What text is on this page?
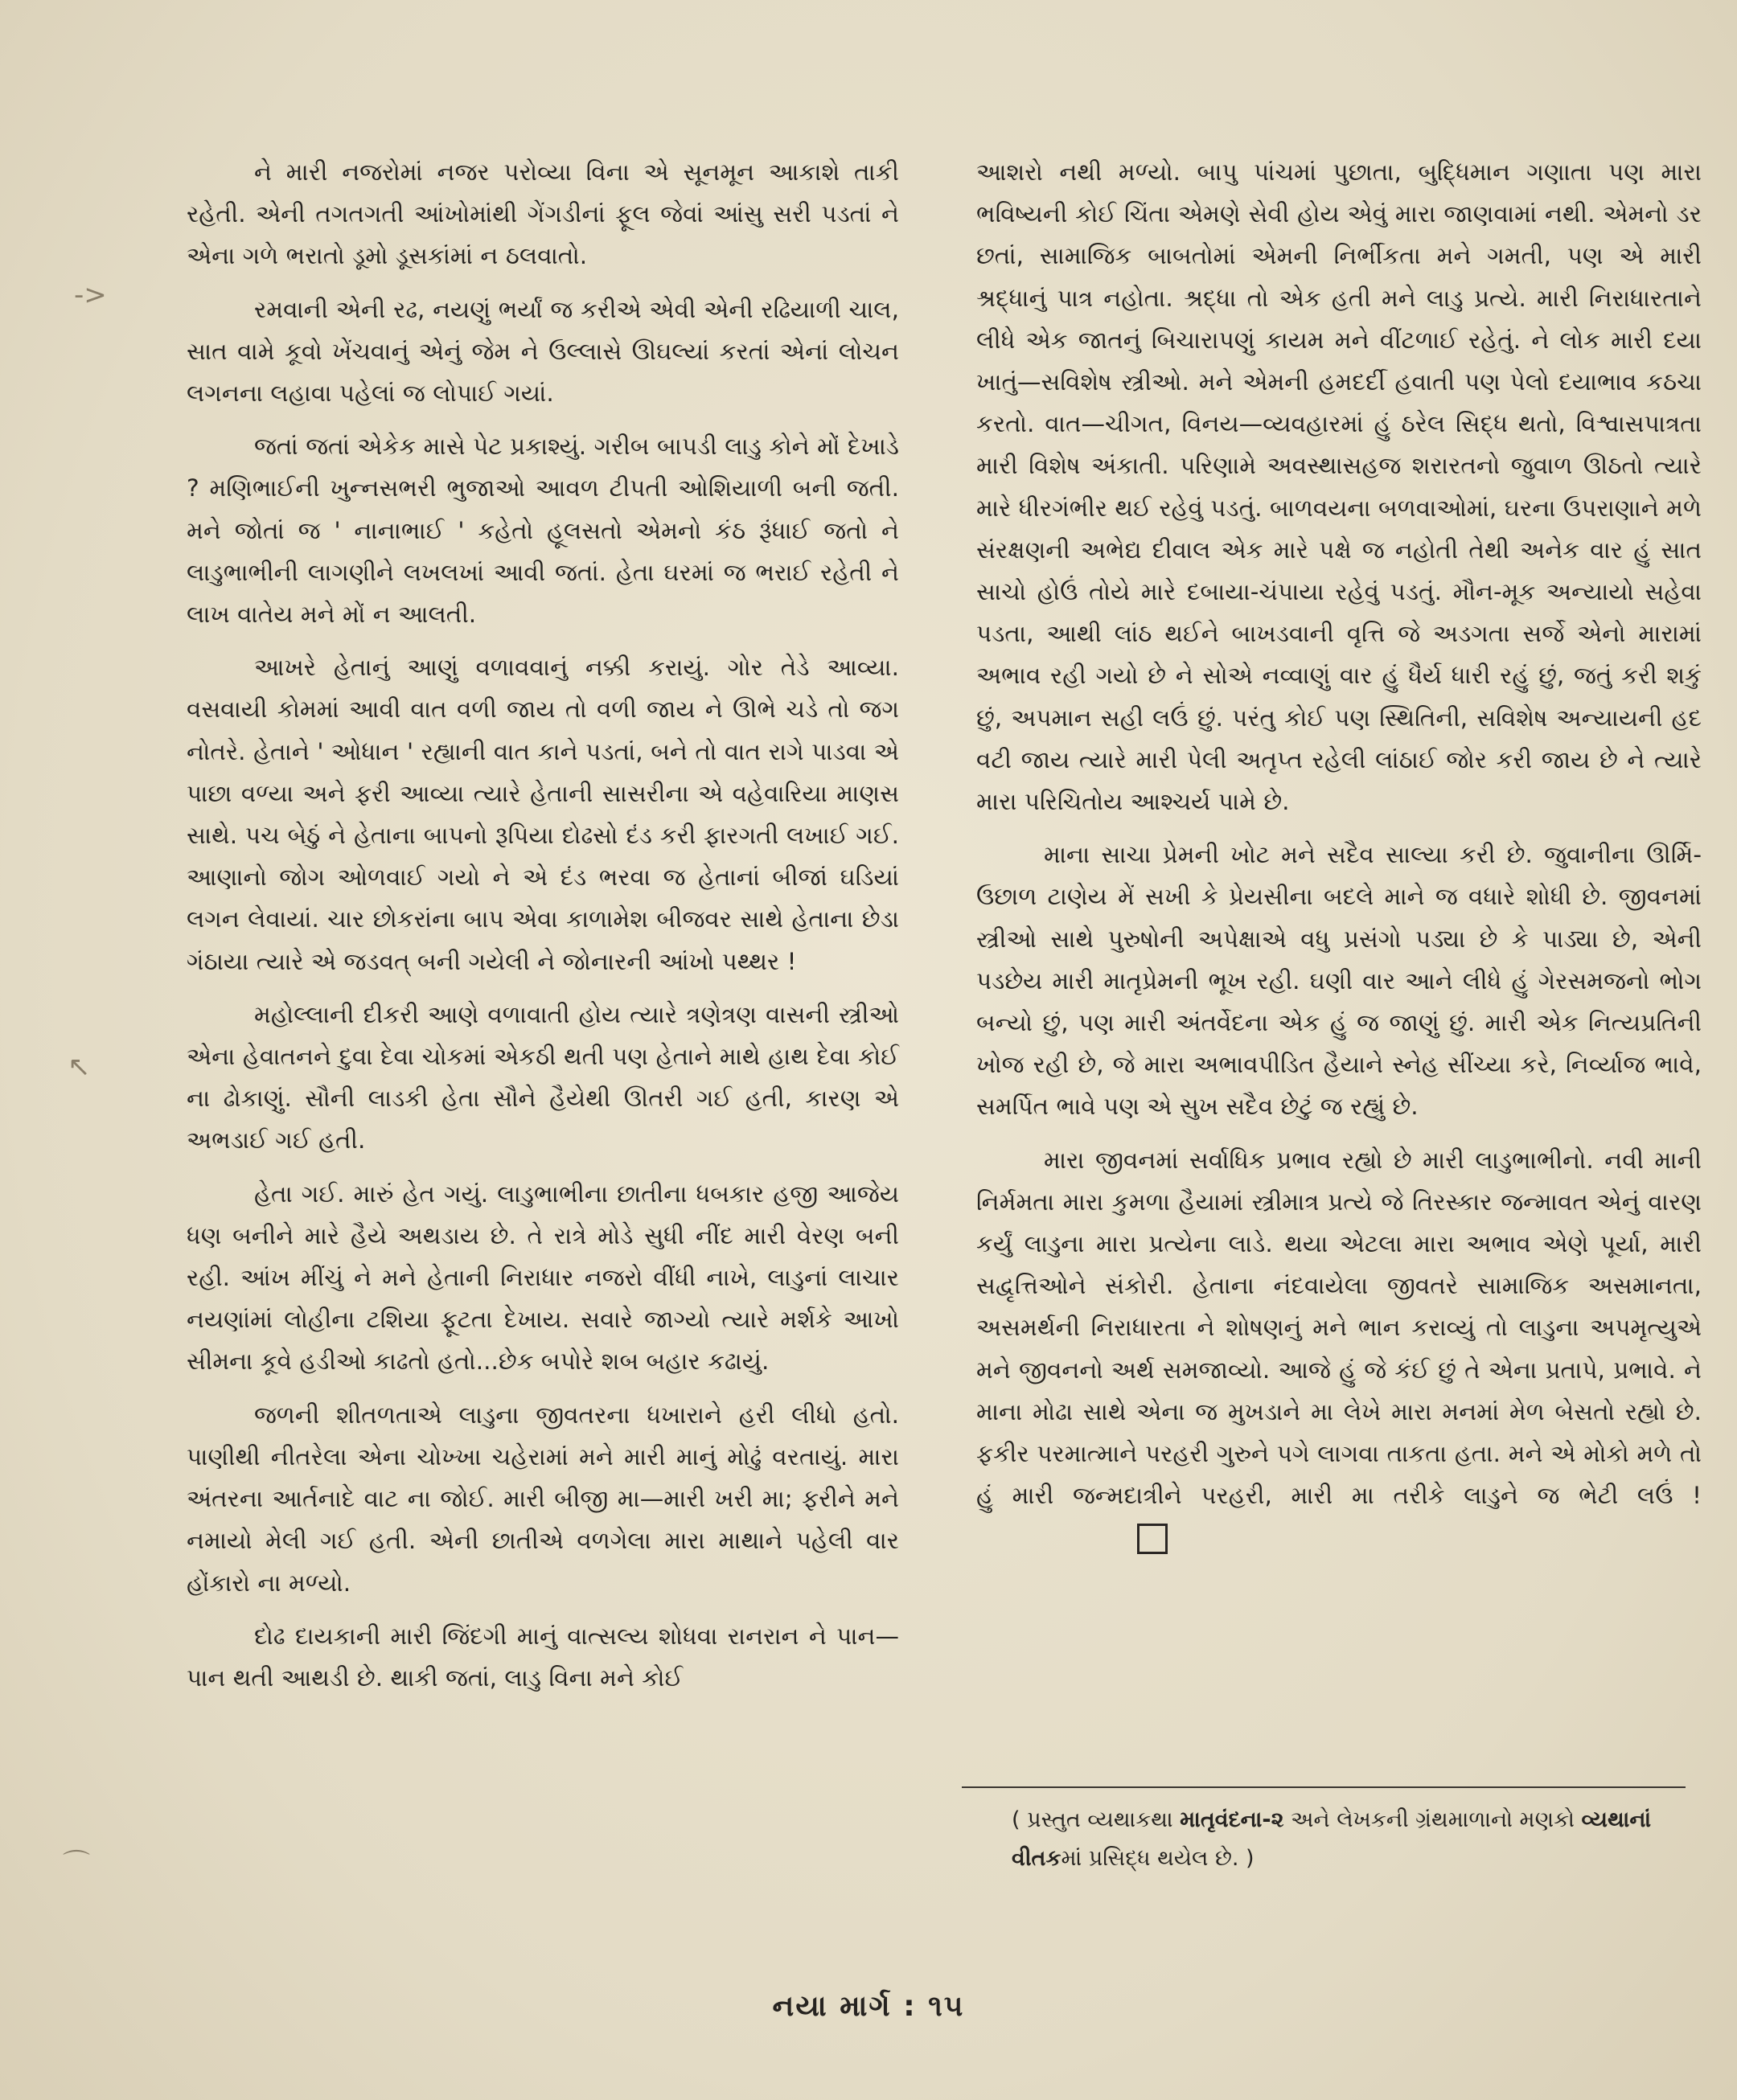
->
↖
⌒

ને મારી નજરોમાં નજર પરોવ્યા વિના એ સૂનમૂન આકાશે તાકી રહેતી. એની તગતગતી આંખોમાંથી ગેંગડીનાં ફૂલ જેવાં આંસુ સરી પડતાં ને એના ગળે ભરાતો ડૂમો ડૂસકાંમાં ન ઠલવાતો.

રમવાની એની રઢ, નયણું ભર્યાં જ કરીએ એવી એની રઢિયાળી ચાલ, સાત વામે કૂવો ખેંચવાનું એનું જેમ ને ઉલ્લાસે ઊઘલ્યાં કરતાં એનાં લોચન લગનના લહાવા પહેલાં જ લોપાઈ ગયાં.

જતાં જતાં એકેક માસે પેટ પ્રકાશ્યું. ગરીબ બાપડી લાડુ કોને મોં દેખાડે ? મણિભાઈની ખુન્નસભરી ભુજાઓ આવળ ટીપતી ઓશિયાળી બની જતી. મને જોતાં જ ' નાનાભાઈ ' કહેતો હૂલસતો એમનો કંઠ રૂંધાઈ જતો ને લાડુભાભીની લાગણીને લખલખાં આવી જતાં. હેતા ઘરમાં જ ભરાઈ રહેતી ને લાખ વાતેય મને મોં ન આલતી.

આખરે હેતાનું આણું વળાવવાનું નક્કી કરાયું. ગોર તેડે આવ્યા. વસવાયી કોમમાં આવી વાત વળી જાય તો વળી જાય ને ઊભે ચડે તો જગ નોતરે. હેતાને ' ઓધાન ' રહ્યાની વાત કાને પડતાં, બને તો વાત રાગે પાડવા એ પાછા વળ્યા અને ફરી આવ્યા ત્યારે હેતાની સાસરીના એ વહેવારિયા માણસ સાથે. પચ બેઠું ને હેતાના બાપનો રૂપિયા દોઢસો દંડ કરી ફારગતી લખાઈ ગઈ. આણાનો જોગ ઓળવાઈ ગયો ને એ દંડ ભરવા જ હેતાનાં બીજાં ઘડિયાં લગન લેવાયાં. ચાર છોકરાંના બાપ એવા કાળામેશ બીજવર સાથે હેતાના છેડા ગંઠાયા ત્યારે એ જડવત્ બની ગયેલી ને જોનારની આંખો પથ્થર !

મહોલ્લાની દીકરી આણે વળાવાતી હોય ત્યારે ત્રણેત્રણ વાસની સ્ત્રીઓ એના હેવાતનને દુવા દેવા ચોકમાં એકઠી થતી પણ હેતાને માથે હાથ દેવા કોઈ ના ઢોકાણું. સૌની લાડકી હેતા સૌને હૈયેથી ઊતરી ગઈ હતી, કારણ એ અભડાઈ ગઈ હતી.

હેતા ગઈ. મારું હેત ગયું. લાડુભાભીના છાતીના ધબકાર હજી આજેય ધણ બનીને મારે હૈયે અથડાય છે. તે રાત્રે મોડે સુધી નીંદ મારી વેરણ બની રહી. આંખ મીંચું ને મને હેતાની નિરાધાર નજરો વીંધી નાખે, લાડુનાં લાચાર નયણાંમાં લોહીના ટશિયા ફૂટતા દેખાય. સવારે જાગ્યો ત્યારે મર્શકે આખો સીમના કૂવે હડીઓ કાઢતો હતો...છેક બપોરે શબ બહાર કઢાયું.

જળની શીતળતાએ લાડુના જીવતરના ધખારાને હરી લીધો હતો. પાણીથી નીતરેલા એના ચોખ્ખા ચહેરામાં મને મારી માનું મોઢું વરતાયું. મારા અંતરના આર્તનાદે વાટ ના જોઈ. મારી બીજી મા—મારી ખરી મા; ફરીને મને નમાયો મેલી ગઈ હતી. એની છાતીએ વળગેલા મારા માથાને પહેલી વાર હોંકારો ના મળ્યો.

દોઢ દાયકાની મારી જિંદગી માનું વાત્સલ્ય શોધવા રાનરાન ને પાન—પાન થતી આથડી છે. થાકી જતાં, લાડુ વિના મને કોઈ

આશરો નથી મળ્યો. બાપુ પાંચમાં પુછાતા, બુદ્ધિમાન ગણાતા પણ મારા ભવિષ્યની કોઈ ચિંતા એમણે સેવી હોય એવું મારા જાણવામાં નથી. એમનો ડર છતાં, સામાજિક બાબતોમાં એમની નિર્ભીકતા મને ગમતી, પણ એ મારી શ્રદ્ધાનું પાત્ર નહોતા. શ્રદ્ધા તો એક હતી મને લાડુ પ્રત્યે. મારી નિરાધારતાને લીધે એક જાતનું બિચારાપણું કાયમ મને વીંટળાઈ રહેતું. ને લોક મારી દયા ખાતું—સવિશેષ સ્ત્રીઓ. મને એમની હમદર્દી હવાતી પણ પેલો દયાભાવ કઠચા કરતો. વાત—ચીગત, વિનય—વ્યવહારમાં હું ઠરેલ સિદ્ધ થતો, વિશ્વાસપાત્રતા મારી વિશેષ અંકાતી. પરિણામે અવસ્થાસહજ શરારતનો જુવાળ ઊઠતો ત્યારે મારે ધીરગંભીર થઈ રહેવું પડતું. બાળવયના બળવાઓમાં, ઘરના ઉપરાણાને મળે સંરક્ષણની અભેદ્ય દીવાલ એક મારે પક્ષે જ નહોતી તેથી અનેક વાર હું સાત સાચો હોઉં તોયે મારે દબાયા-ચંપાયા રહેવું પડતું. મૌન-મૂક અન્યાયો સહેવા પડતા, આથી લાંઠ થઈને બાખડવાની વૃત્તિ જે અડગતા સર્જે એનો મારામાં અભાવ રહી ગયો છે ને સોએ નવ્વાણું વાર હું ધૈર્ય ધારી રહું છું, જતું કરી શકું છું, અપમાન સહી લઉં છું. પરંતુ કોઈ પણ સ્થિતિની, સવિશેષ અન્યાયની હદ વટી જાય ત્યારે મારી પેલી અતૃપ્ત રહેલી લાંઠાઈ જોર કરી જાય છે ને ત્યારે મારા પરિચિતોય આશ્ચર્ય પામે છે.

માના સાચા પ્રેમની ખોટ મને સદૈવ સાલ્યા કરી છે. જુવાનીના ઊર્મિ-ઉછાળ ટાણેય મેં સખી કે પ્રેયસીના બદલે માને જ વધારે શોધી છે. જીવનમાં સ્ત્રીઓ સાથે પુરુષોની અપેક્ષાએ વધુ પ્રસંગો પડ્યા છે કે પાડ્યા છે, એની પડછેય મારી માતૃપ્રેમની ભૂખ રહી. ઘણી વાર આને લીધે હું ગેરસમજનો ભોગ બન્યો છું, પણ મારી અંતર્વેદના એક હું જ જાણું છું. મારી એક નિત્યપ્રતિની ખોજ રહી છે, જે મારા અભાવપીડિત હૈયાને સ્નેહ સીંચ્યા કરે, નિર્વ્યાજ ભાવે, સમર્પિત ભાવે પણ એ સુખ સદૈવ છેટું જ રહ્યું છે.

મારા જીવનમાં સર્વાધિક પ્રભાવ રહ્યો છે મારી લાડુભાભીનો. નવી માની નિર્મમતા મારા કુમળા હૈયામાં સ્ત્રીમાત્ર પ્રત્યે જે તિરસ્કાર જન્માવત એનું વારણ કર્યું લાડુના મારા પ્રત્યેના લાડે. થયા એટલા મારા અભાવ એણે પૂર્યા, મારી સદ્વૃત્તિઓને સંકોરી. હેતાના નંદવાયેલા જીવતરે સામાજિક અસમાનતા, અસમર્થની નિરાધારતા ને શોષણનું મને ભાન કરાવ્યું તો લાડુના અપમૃત્યુએ મને જીવનનો અર્થ સમજાવ્યો. આજે હું જે કંઈ છું તે એના પ્રતાપે, પ્રભાવે. ને માના મોઢા સાથે એના જ મુખડાને મા લેખે મારા મનમાં મેળ બેસતો રહ્યો છે. ફકીર પરમાત્માને પરહરી ગુરુને પગે લાગવા તાકતા હતા. મને એ મોકો મળે તો હું મારી જન્મદાત્રીને પરહરી, મારી મા તરીકે લાડુને જ ભેટી લઉં !

( પ્રસ્તુત વ્યથાકથા માતૃવંદના-૨ અને લેખકની ગ્રંથમાળાનો મણકો વ્યથાનાં વીતકમાં પ્રસિદ્ધ થયેલ છે. )
નયા માર્ગ : ૧૫
